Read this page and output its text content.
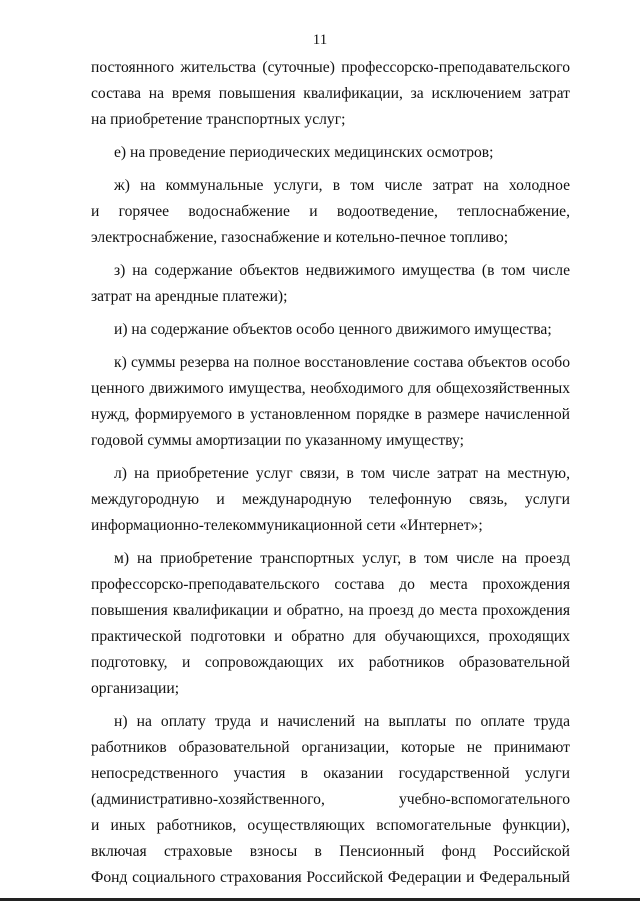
11
постоянного жительства (суточные) профессорско-преподавательского
состава на время повышения квалификации, за исключением затрат
на приобретение транспортных услуг;
е) на проведение периодических медицинских осмотров;
ж) на коммунальные услуги, в том числе затрат на холодное
и горячее водоснабжение и водоотведение, теплоснабжение,
электроснабжение, газоснабжение и котельно-печное топливо;
з) на содержание объектов недвижимого имущества (в том числе
затрат на арендные платежи);
и) на содержание объектов особо ценного движимого имущества;
к) суммы резерва на полное восстановление состава объектов особо
ценного движимого имущества, необходимого для общехозяйственных
нужд, формируемого в установленном порядке в размере начисленной
годовой суммы амортизации по указанному имуществу;
л) на приобретение услуг связи, в том числе затрат на местную,
междугородную и международную телефонную связь, услуги
информационно-телекоммуникационной сети «Интернет»;
м) на приобретение транспортных услуг, в том числе на проезд
профессорско-преподавательского состава до места прохождения
повышения квалификации и обратно, на проезд до места прохождения
практической подготовки и обратно для обучающихся, проходящих
подготовку, и сопровождающих их работников образовательной
организации;
н) на оплату труда и начислений на выплаты по оплате труда
работников образовательной организации, которые не принимают
непосредственного участия в оказании государственной услуги
(административно-хозяйственного, учебно-вспомогательного
и иных работников, осуществляющих вспомогательные функции),
включая страховые взносы в Пенсионный фонд Российской
Фонд социального страхования Российской Федерации и Федеральный
